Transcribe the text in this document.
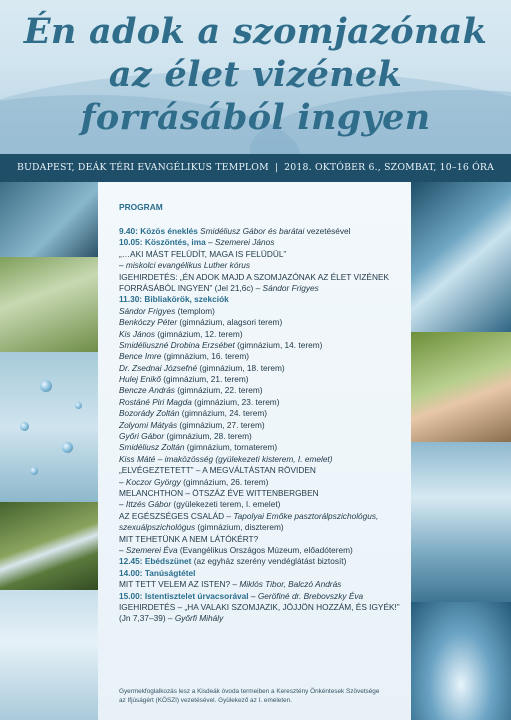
Én adok a szomjazónak
az élet vizének
forrásából ingyen
BUDAPEST, DEÁK TÉRI EVANGÉLIKUS TEMPLOM | 2018. OKTÓBER 6., SZOMBAT, 10–16 ÓRA
PROGRAM
9.40: Közös éneklés Smidéliusz Gábor és barátai vezetésével
10.05: Köszöntés, ima – Szemerei János
„…AKI MÁST FELÜDÍT, MAGA IS FELÜDÜL”
– miskolci evangélikus Luther kórus
IGEHIRDETÉS: „ÉN ADOK MAJD A SZOMJAZÓNAK AZ ÉLET VIZÉNEK
FORRÁSÁBÓL INGYEN” (Jel 21,6c) – Sándor Frigyes
11.30: Bibliakörök, szekciók
Sándor Frigyes (templom)
Benkóczy Péter (gimnázium, alagsori terem)
Kis János (gimnázium, 12. terem)
Smidéliuszné Drobina Erzsébet (gimnázium, 14. terem)
Bence Imre (gimnázium, 16. terem)
Dr. Zsednai Józsefné (gimnázium, 18. terem)
Hulej Enikő (gimnázium, 21. terem)
Bencze András (gimnázium, 22. terem)
Rostáné Piri Magda (gimnázium, 23. terem)
Bozorády Zoltán (gimnázium, 24. terem)
Zolyomi Mátyás (gimnázium, 27. terem)
Győri Gábor (gimnázium, 28. terem)
Smidéliusz Zoltán (gimnázium, tornaterem)
Kiss Máté – imaközösség (gyülekezeti kisterem, I. emelet)
„ELVÉGEZTETETT” – A MEGVÁLTÁSTAN RÖVIDEN
– Koczor György (gimnázium, 26. terem)
MELANCHTHON – ÖTSZÁZ ÉVE WITTENBERGBEN
– Ittzés Gábor (gyülekezeti terem, I. emelet)
AZ EGÉSZSÉGES CSALÁD – Tapolyai Emőke pasztorálpszichológus,
szexuálpszichológus (gimnázium, diszterem)
MIT TEHETÜNK A NEM LÁTÓKÉRT?
– Szemerei Éva (Evangélikus Országos Múzeum, előadóterem)
12.45: Ebédszünet (az egyház szerény vendéglátást biztosít)
14.00: Tanúságtétel
MIT TETT VELEM AZ ISTEN? – Miklós Tibor, Balczó András
15.00: Istentisztelet úrvacsorával – Geröfiné dr. Brebovszky Éva
IGEHIRDETÉS – „HA VALAKI SZOMJAZIK, JÖJJÖN HOZZÁM, ÉS IGYÉK!”
(Jn 7,37–39) – Győrfi Mihály
Gyermekfoglalkozás lesz a Kisdeák óvoda termeiben a Keresztény Önkéntesek Szövetsége
az Ifjúságért (KÖSZI) vezetésével. Gyülekező az I. emeleten.
